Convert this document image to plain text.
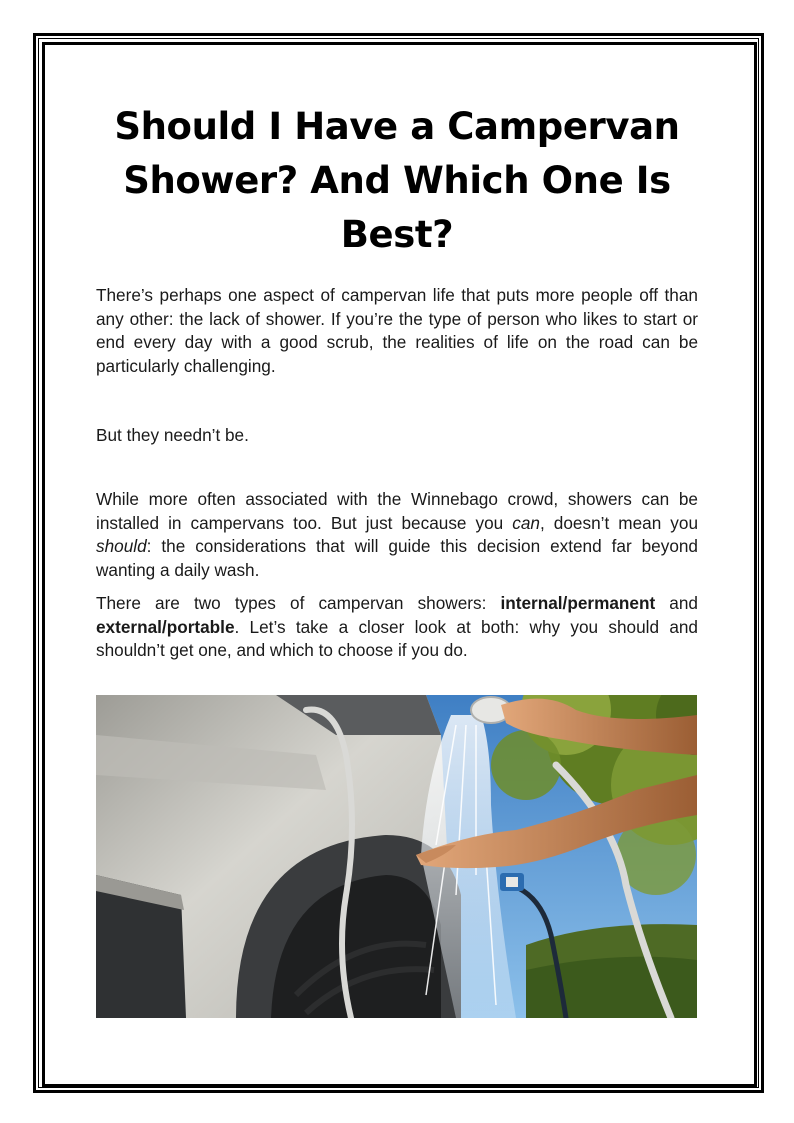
Should I Have a Campervan Shower? And Which One Is Best?

There’s perhaps one aspect of campervan life that puts more people off than any other: the lack of shower. If you’re the type of person who likes to start or end every day with a good scrub, the realities of life on the road can be particularly challenging.

But they needn’t be.

While more often associated with the Winnebago crowd, showers can be installed in campervans too. But just because you can, doesn’t mean you should: the considerations that will guide this decision extend far beyond wanting a daily wash.

There are two types of campervan showers: internal/permanent and external/portable. Let’s take a closer look at both: why you should and shouldn’t get one, and which to choose if you do.
